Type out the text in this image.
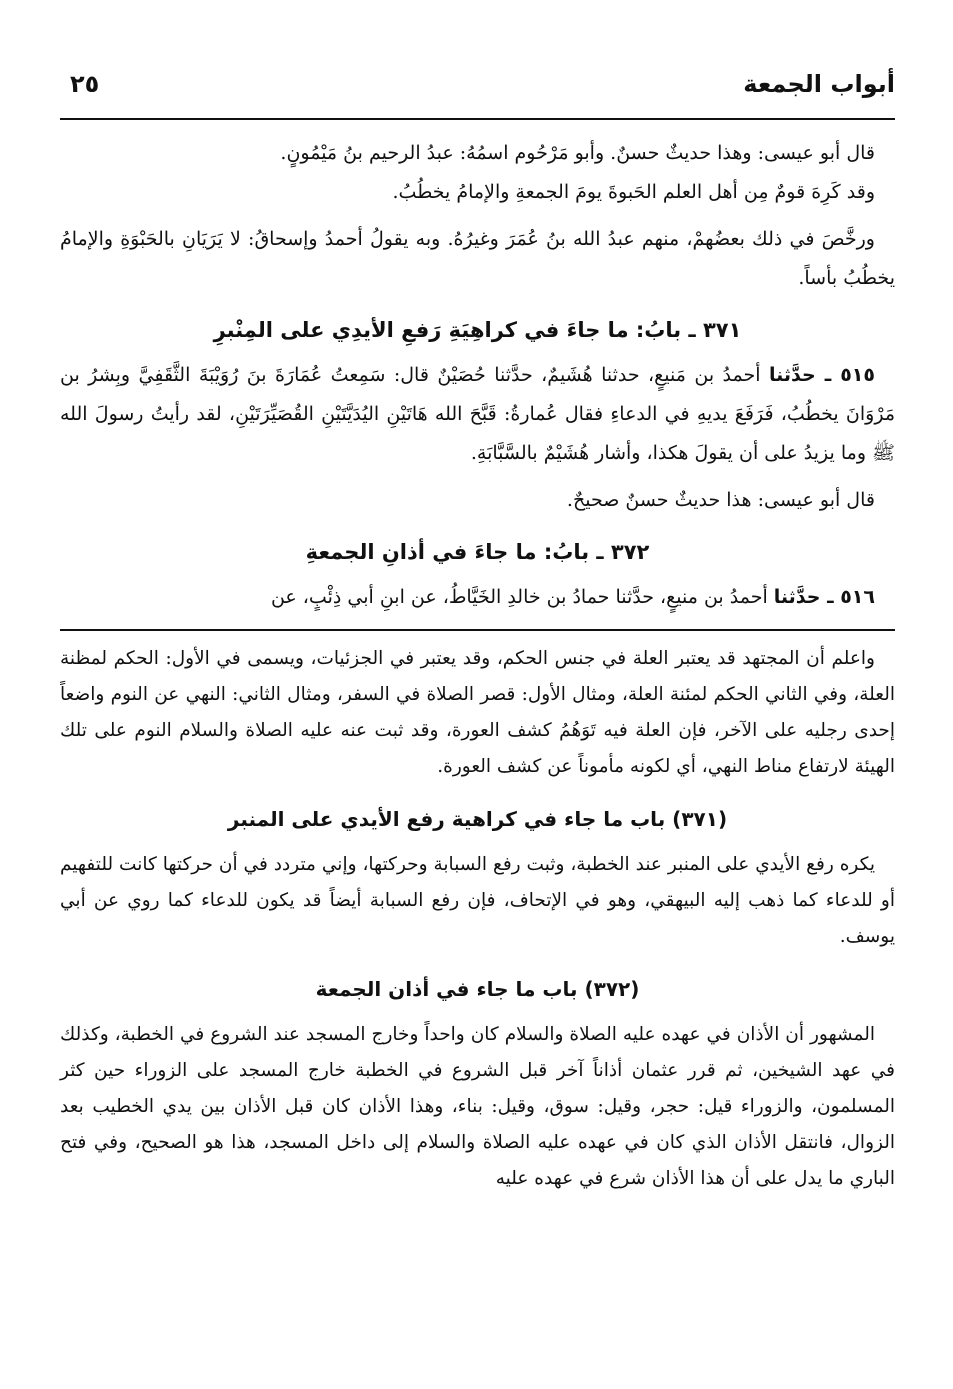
أبواب الجمعة
٢٥

قال أبو عيسى: وهذا حديثٌ حسنٌ. وأبو مَرْحُوم اسمُهُ: عبدُ الرحيم بنُ مَيْمُونٍ.

وقد كَرِهَ قومٌ مِن أهل العلم الحَبوةَ يومَ الجمعةِ والإمامُ يخطُبُ.

ورخَّصَ في ذلك بعضُهمْ، منهم عبدُ الله بنُ عُمَرَ وغيرُهُ. وبه يقولُ أحمدُ وإسحاقُ: لا يَرَيَانِ بالحَبْوَةِ والإمامُ يخطُبُ بأساً.

٣٧١ ـ بابُ: ما جاءَ في كراهِيَةِ رَفعِ الأيدِي على المِنْبرِ

٥١٥ ـ حدَّثنا أحمدُ بن مَنيعٍ، حدثنا هُشَيمٌ، حدَّثنا حُصَيْنٌ قال: سَمِعتُ عُمَارَةَ بنَ رُوَيْبَةَ الثَّقَفِيَّ وبِشرُ بن مَرْوَانَ يخطُبُ، فَرَفَعَ يديهِ في الدعاءِ فقال عُمارةُ: قَبَّحَ الله هَاتَيْنِ اليُدَيَّتَيْنِ القُصَيِّرَتَيْنِ، لقد رأيتُ رسولَ الله ﷺ وما يزيدُ على أن يقولَ هكذا، وأشار هُشَيْمٌ بالسَّبَّابَةِ.

قال أبو عيسى: هذا حديثٌ حسنٌ صحيحٌ.

٣٧٢ ـ بابُ: ما جاءَ في أذانِ الجمعةِ

٥١٦ ـ حدَّثنا أحمدُ بن منيعٍ، حدَّثنا حمادُ بن خالدِ الخَيَّاطُ، عن ابنِ أبي ذِئْبٍ، عن

واعلم أن المجتهد قد يعتبر العلة في جنس الحكم، وقد يعتبر في الجزئيات، ويسمى في الأول: الحكم لمظنة العلة، وفي الثاني الحكم لمئنة العلة، ومثال الأول: قصر الصلاة في السفر، ومثال الثاني: النهي عن النوم واضعاً إحدى رجليه على الآخر، فإن العلة فيه تَوَهُمُ كشف العورة، وقد ثبت عنه عليه الصلاة والسلام النوم على تلك الهيئة لارتفاع مناط النهي، أي لكونه مأموناً عن كشف العورة.

(٣٧١) باب ما جاء في كراهية رفع الأيدي على المنبر

يكره رفع الأيدي على المنبر عند الخطبة، وثبت رفع السبابة وحركتها، وإني متردد في أن حركتها كانت للتفهيم أو للدعاء كما ذهب إليه البيهقي، وهو في الإتحاف، فإن رفع السبابة أيضاً قد يكون للدعاء كما روي عن أبي يوسف.

(٣٧٢) باب ما جاء في أذان الجمعة

المشهور أن الأذان في عهده عليه الصلاة والسلام كان واحداً وخارج المسجد عند الشروع في الخطبة، وكذلك في عهد الشيخين، ثم قرر عثمان أذاناً آخر قبل الشروع في الخطبة خارج المسجد على الزوراء حين كثر المسلمون، والزوراء قيل: حجر، وقيل: سوق، وقيل: بناء، وهذا الأذان كان قبل الأذان بين يدي الخطيب بعد الزوال، فانتقل الأذان الذي كان في عهده عليه الصلاة والسلام إلى داخل المسجد، هذا هو الصحيح، وفي فتح الباري ما يدل على أن هذا الأذان شرع في عهده عليه
